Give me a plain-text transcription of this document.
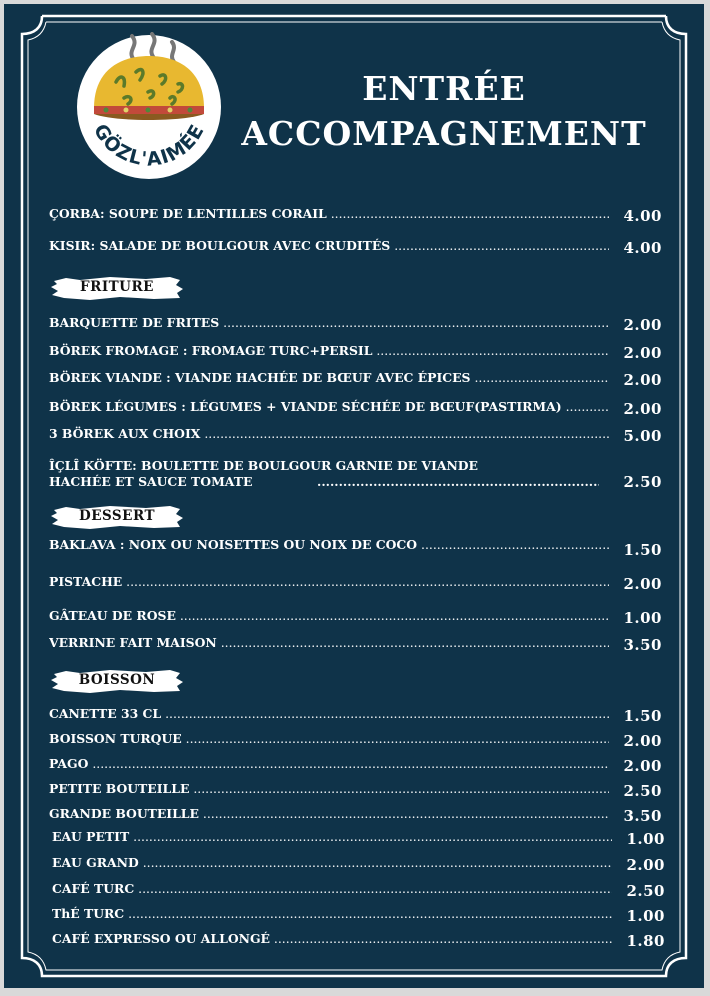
GÖZL'AIMÉE
ENTRÉE
ACCOMPAGNEMENT
ÇORBA: SOUPE DE LENTILLES CORAIL .....	4.00
KISIR: SALADE DE BOULGOUR AVEC CRUDITÉS .....	4.00
FRITURE
BARQUETTE DE FRITES .....	2.00
BÖREK FROMAGE : FROMAGE TURC+PERSIL .....	2.00
BÖREK VIANDE : VIANDE HACHÉE DE BŒUF AVEC ÉPICES .....	2.00
BÖREK LÉGUMES : LÉGUMES + VIANDE SÉCHÉE DE BŒUF(PASTIRMA) .....	2.00
3 BÖREK AUX CHOIX .....	5.00
ÎÇLÎ KÖFTE: BOULETTE DE BOULGOUR GARNIE DE VIANDE
HACHÉE ET SAUCE TOMATE
.....	2.50
DESSERT
BAKLAVA : NOIX OU NOISETTES OU NOIX DE COCO .....	1.50
PISTACHE .....	2.00
GÂTEAU DE ROSE .....	1.00
VERRINE FAIT MAISON .....	3.50
BOISSON
CANETTE 33 CL .....	1.50
BOISSON TURQUE .....	2.00
PAGO .....	2.00
PETITE BOUTEILLE .....	2.50
GRANDE BOUTEILLE .....	3.50
EAU PETIT .....	1.00
EAU GRAND .....	2.00
CAFÉ TURC .....	2.50
ThÉ TURC .....	1.00
CAFÉ EXPRESSO OU ALLONGÉ .....	1.80
